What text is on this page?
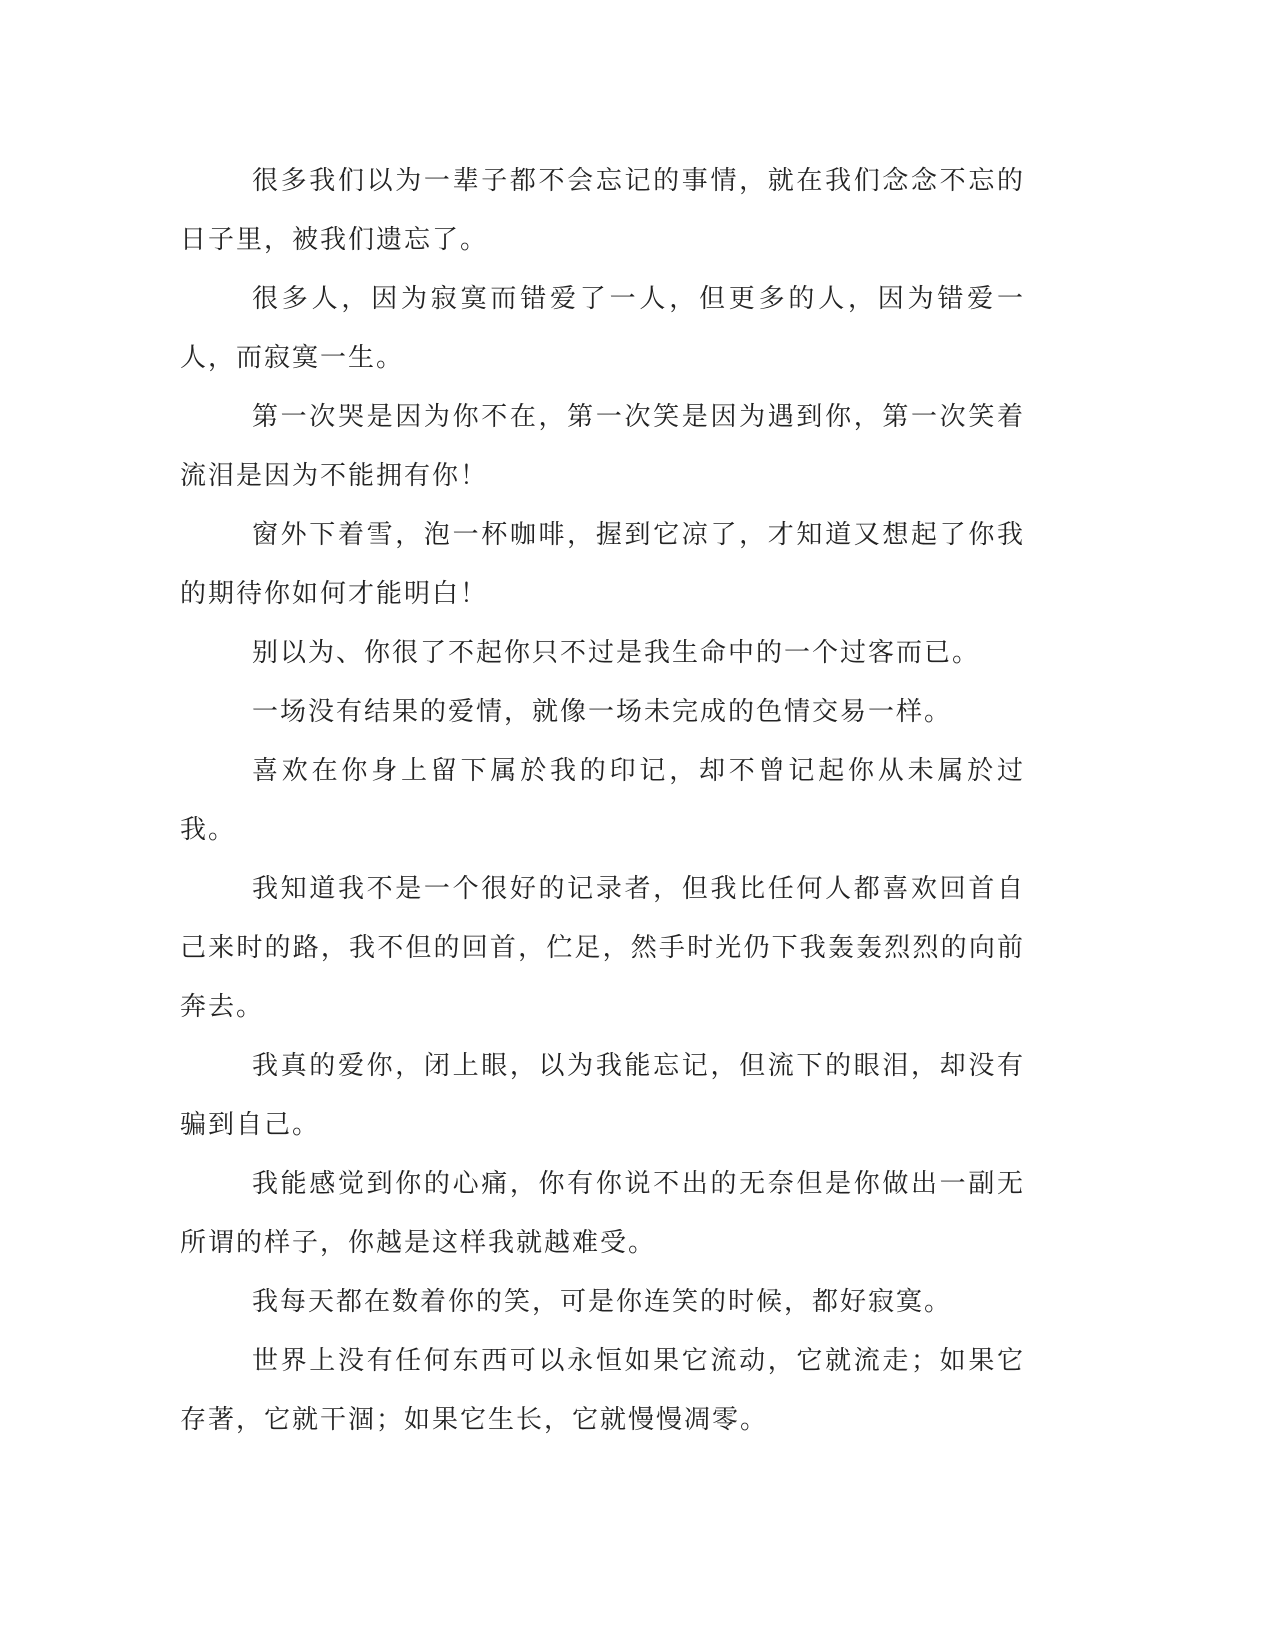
很多我们以为一辈子都不会忘记的事情，就在我们念念不忘的日子里，被我们遗忘了。

很多人，因为寂寞而错爱了一人，但更多的人，因为错爱一人，而寂寞一生。

第一次哭是因为你不在，第一次笑是因为遇到你，第一次笑着流泪是因为不能拥有你！

窗外下着雪，泡一杯咖啡，握到它凉了，才知道又想起了你我的期待你如何才能明白！

别以为、你很了不起你只不过是我生命中的一个过客而已。

一场没有结果的爱情，就像一场未完成的色情交易一样。

喜欢在你身上留下属於我的印记，却不曾记起你从未属於过我。

我知道我不是一个很好的记录者，但我比任何人都喜欢回首自己来时的路，我不但的回首，伫足，然手时光仍下我轰轰烈烈的向前奔去。

我真的爱你，闭上眼，以为我能忘记，但流下的眼泪，却没有骗到自己。

我能感觉到你的心痛，你有你说不出的无奈但是你做出一副无所谓的样子，你越是这样我就越难受。

我每天都在数着你的笑，可是你连笑的时候，都好寂寞。

世界上没有任何东西可以永恒如果它流动，它就流走；如果它存著，它就干涸；如果它生长，它就慢慢凋零。
